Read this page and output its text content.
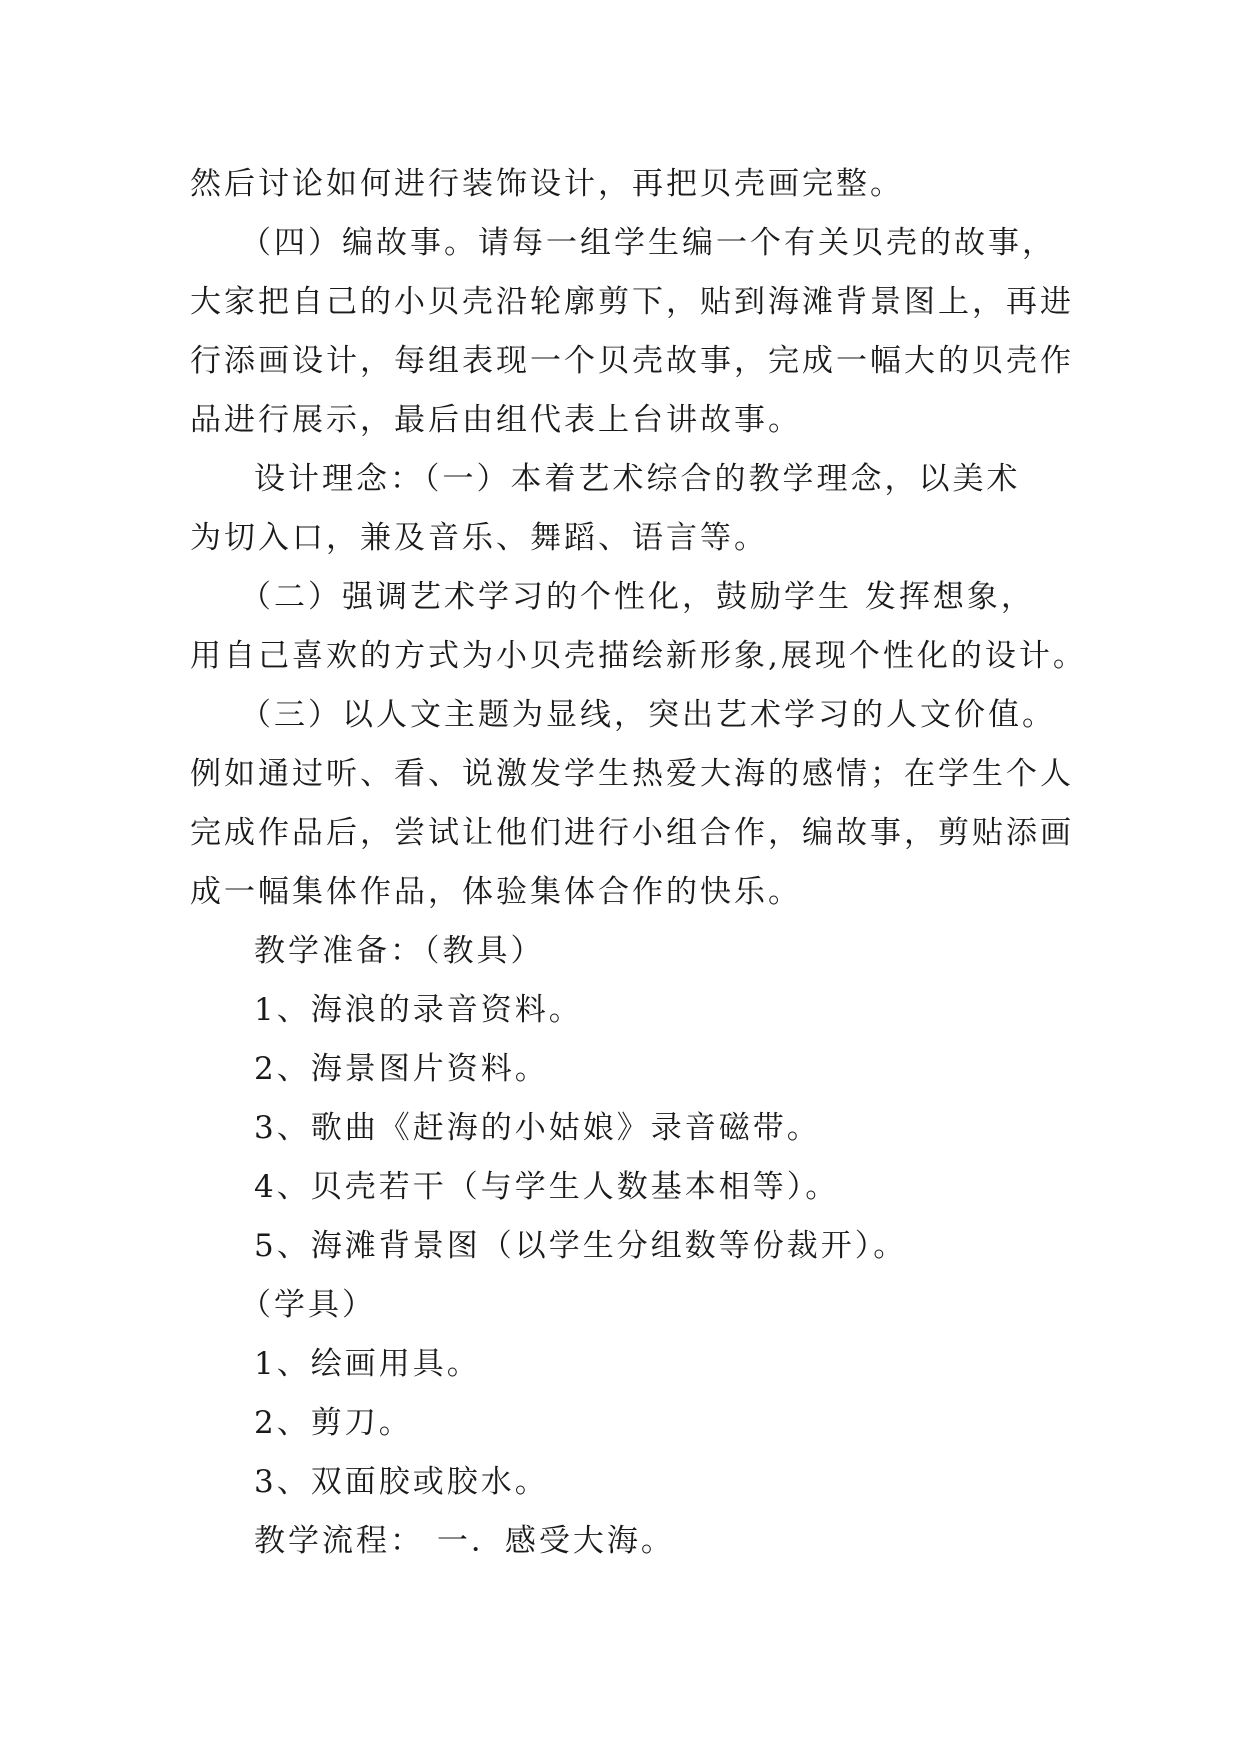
然后讨论如何进行装饰设计，再把贝壳画完整。
（四）编故事。请每一组学生编一个有关贝壳的故事，
大家把自己的小贝壳沿轮廓剪下，贴到海滩背景图上，再进
行添画设计，每组表现一个贝壳故事，完成一幅大的贝壳作
品进行展示，最后由组代表上台讲故事。
设计理念：（一）本着艺术综合的教学理念，以美术
为切入口，兼及音乐、舞蹈、语言等。
（二）强调艺术学习的个性化，鼓励学生 发挥想象，
用自己喜欢的方式为小贝壳描绘新形象,展现个性化的设计。
（三）以人文主题为显线，突出艺术学习的人文价值。
例如通过听、看、说激发学生热爱大海的感情；在学生个人
完成作品后，尝试让他们进行小组合作，编故事，剪贴添画
成一幅集体作品，体验集体合作的快乐。
教学准备：（教具）
1、海浪的录音资料。
2、海景图片资料。
3、歌曲《赶海的小姑娘》录音磁带。
4、贝壳若干（与学生人数基本相等）。
5、海滩背景图（以学生分组数等份裁开）。
（学具）
1、绘画用具。
2、剪刀。
3、双面胶或胶水。
教学流程： 一．感受大海。
